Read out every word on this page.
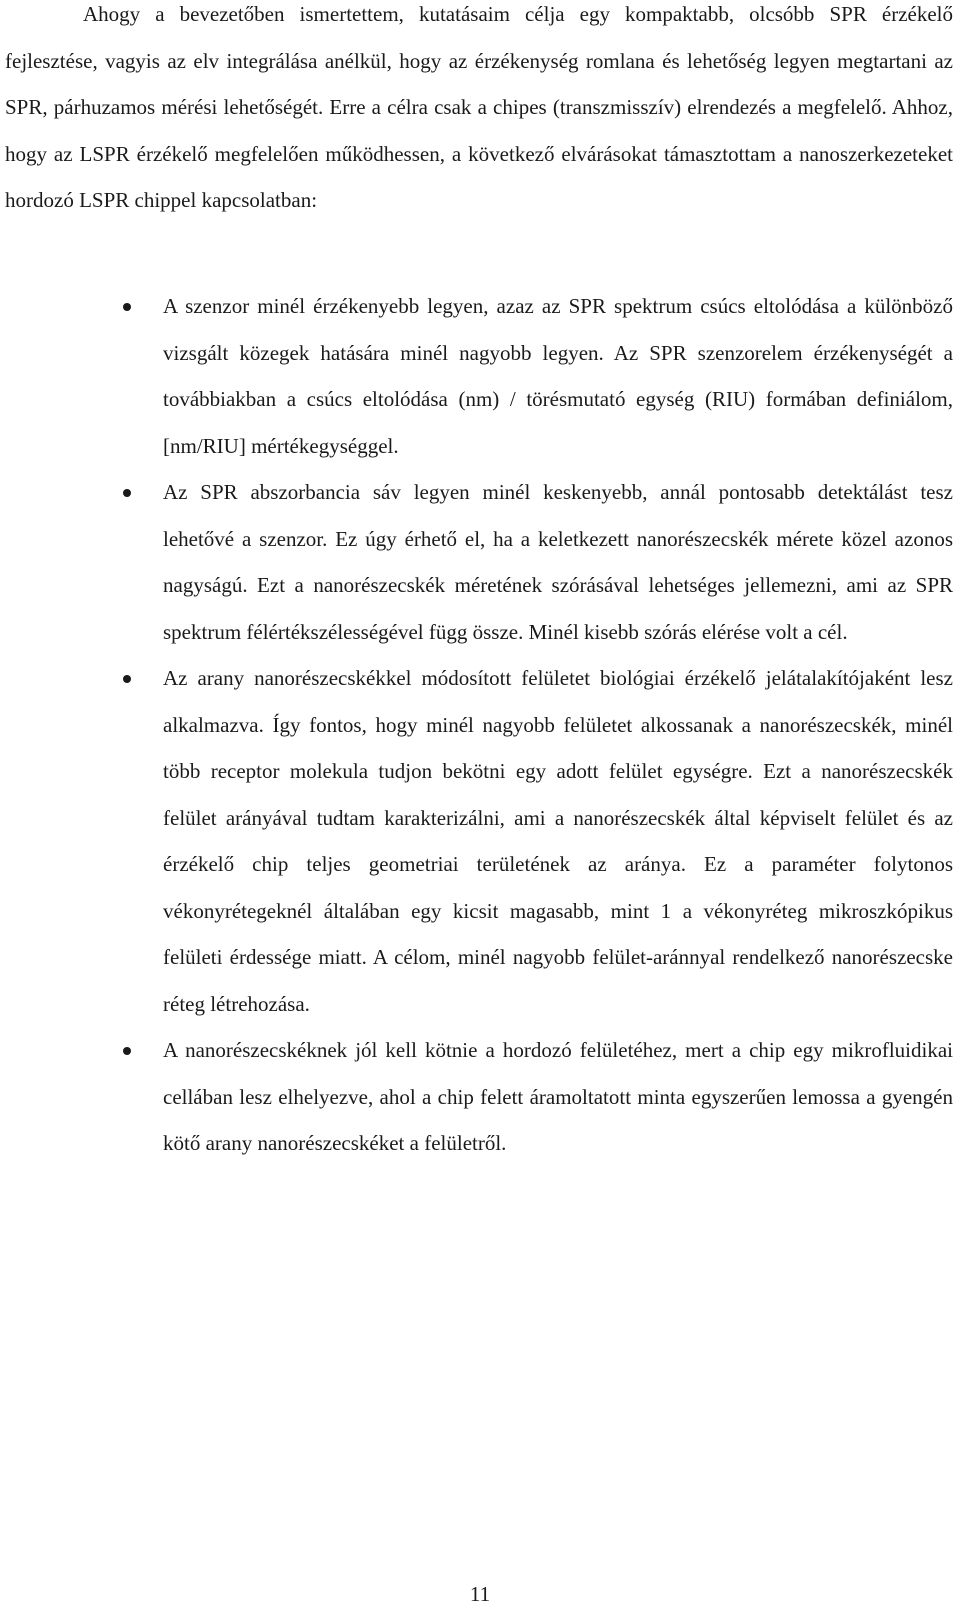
Ahogy a bevezetőben ismertettem, kutatásaim célja egy kompaktabb, olcsóbb SPR érzékelő fejlesztése, vagyis az elv integrálása anélkül, hogy az érzékenység romlana és lehetőség legyen megtartani az SPR, párhuzamos mérési lehetőségét. Erre a célra csak a chipes (transzmisszív) elrendezés a megfelelő. Ahhoz, hogy az LSPR érzékelő megfelelően működhessen, a következő elvárásokat támasztottam a nanoszerkezeteket hordozó LSPR chippel kapcsolatban:

A szenzor minél érzékenyebb legyen, azaz az SPR spektrum csúcs eltolódása a különböző vizsgált közegek hatására minél nagyobb legyen. Az SPR szenzorelem érzékenységét a továbbiakban a csúcs eltolódása (nm) / törésmutató egység (RIU) formában definiálom, [nm/RIU] mértékegységgel.

Az SPR abszorbancia sáv legyen minél keskenyebb, annál pontosabb detektálást tesz lehetővé a szenzor. Ez úgy érhető el, ha a keletkezett nanorészecskék mérete közel azonos nagyságú. Ezt a nanorészecskék méretének szórásával lehetséges jellemezni, ami az SPR spektrum félértékszélességével függ össze. Minél kisebb szórás elérése volt a cél.

Az arany nanorészecskékkel módosított felületet biológiai érzékelő jelátalakítójaként lesz alkalmazva. Így fontos, hogy minél nagyobb felületet alkossanak a nanorészecskék, minél több receptor molekula tudjon bekötni egy adott felület egységre. Ezt a nanorészecskék felület arányával tudtam karakterizálni, ami a nanorészecskék által képviselt felület és az érzékelő chip teljes geometriai területének az aránya. Ez a paraméter folytonos vékonyrétegeknél általában egy kicsit magasabb, mint 1 a vékonyréteg mikroszkópikus felületi érdessége miatt. A célom, minél nagyobb felület-aránnyal rendelkező nanorészecske réteg létrehozása.

A nanorészecskéknek jól kell kötnie a hordozó felületéhez, mert a chip egy mikrofluidikai cellában lesz elhelyezve, ahol a chip felett áramoltatott minta egyszerűen lemossa a gyengén kötő arany nanorészecskéket a felületről.

11
